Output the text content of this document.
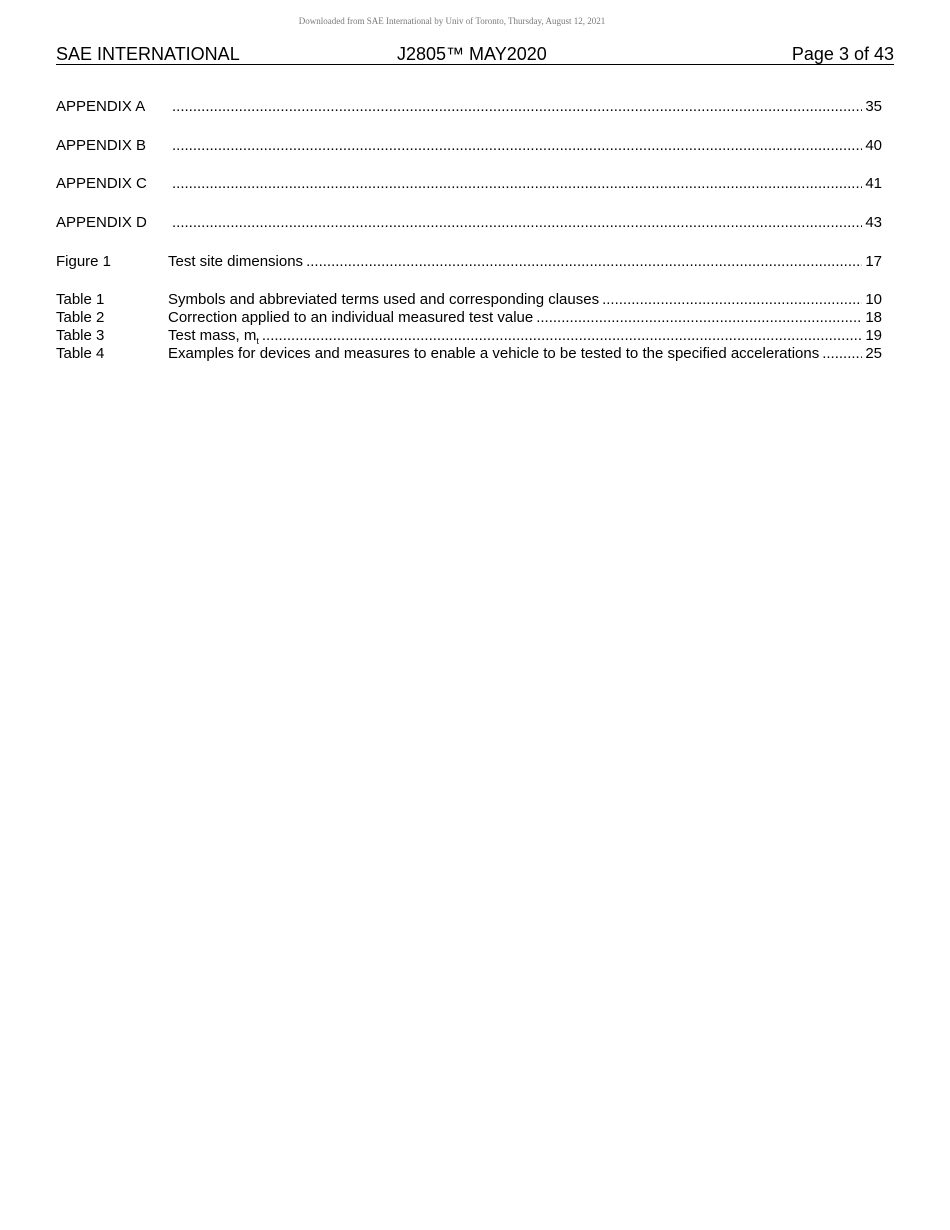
Downloaded from SAE International by Univ of Toronto, Thursday, August 12, 2021
SAE INTERNATIONAL	J2805™ MAY2020	Page 3 of 43
APPENDIX A .....	35
APPENDIX B .....	40
APPENDIX C .....	41
APPENDIX D .....	43
Figure 1	Test site dimensions .....	17
Table 1	Symbols and abbreviated terms used and corresponding clauses .....	10
Table 2	Correction applied to an individual measured test value .....	18
Table 3	Test mass, $m_t$ .....	19
Table 4	Examples for devices and measures to enable a vehicle to be tested to the specified accelerations .....	25
